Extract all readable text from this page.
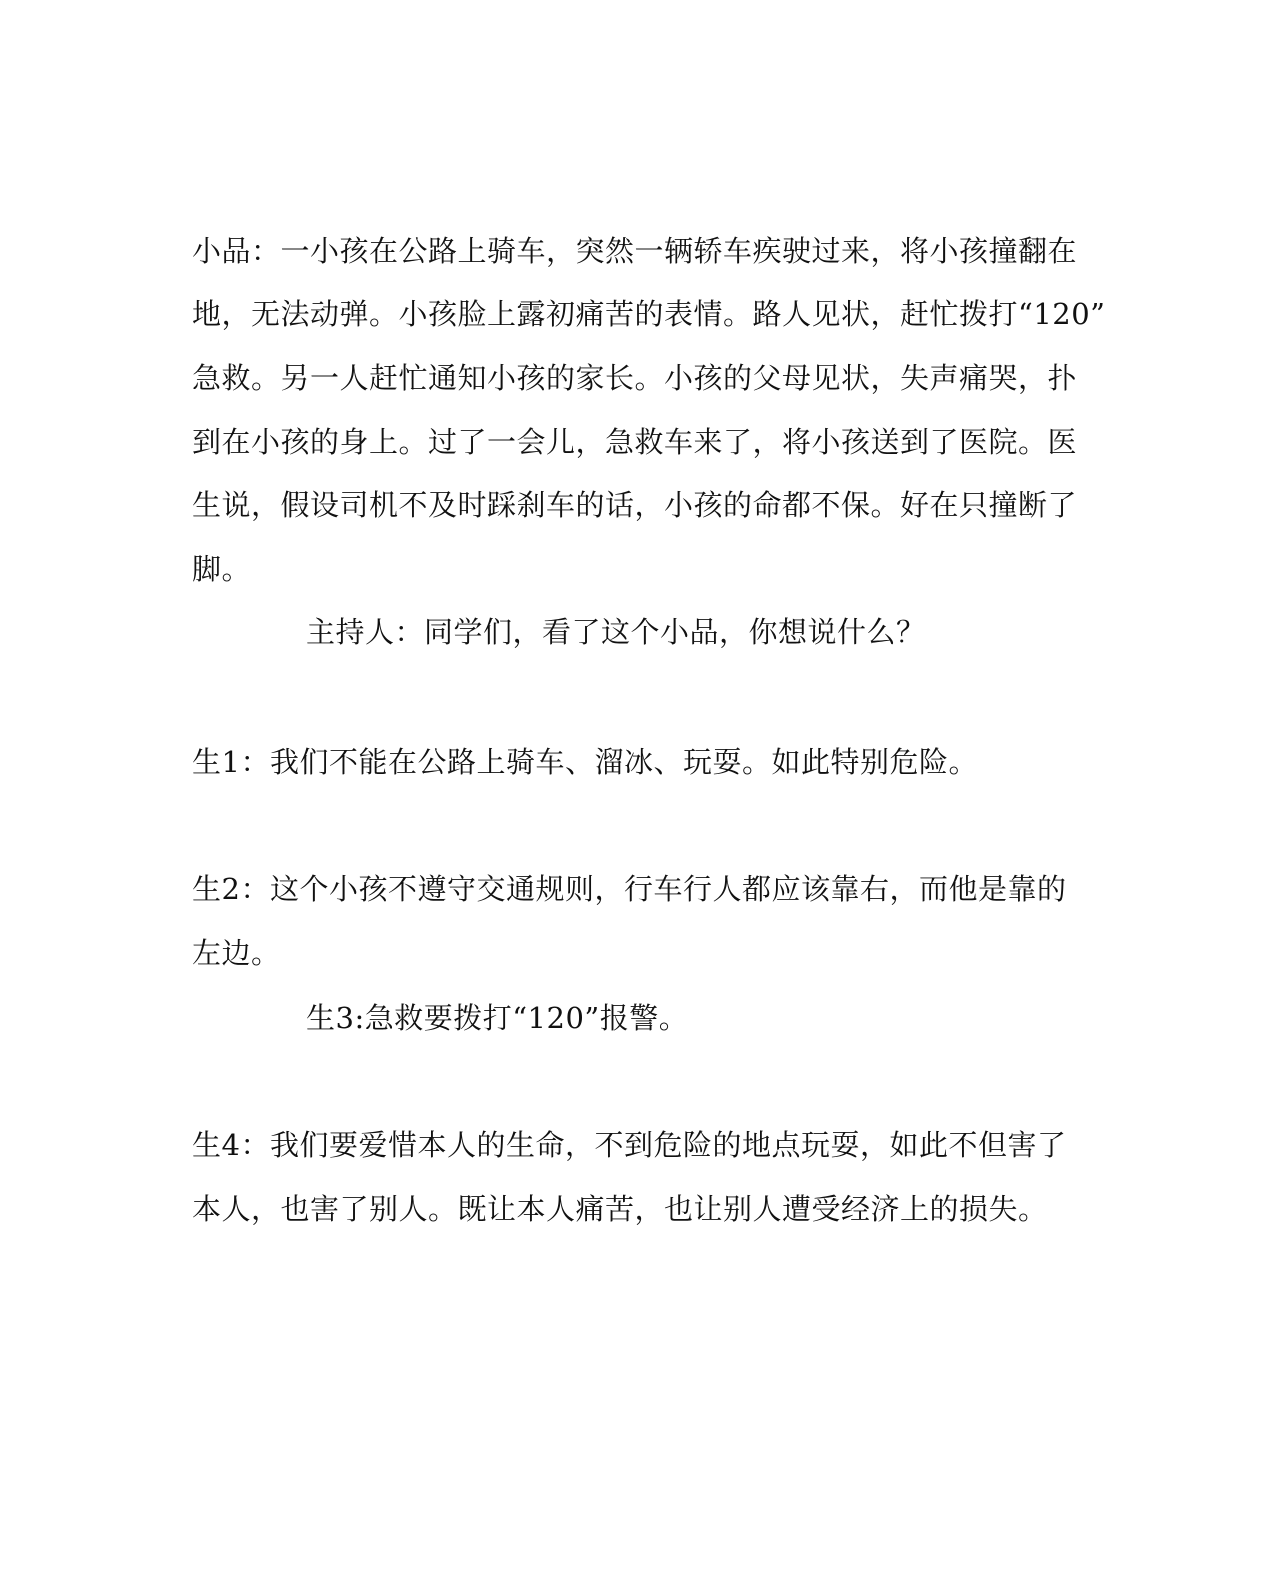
小品：一小孩在公路上骑车，突然一辆轿车疾驶过来，将小孩撞翻在
地，无法动弹。小孩脸上露初痛苦的表情。路人见状，赶忙拨打“120”
急救。另一人赶忙通知小孩的家长。小孩的父母见状，失声痛哭，扑
到在小孩的身上。过了一会儿，急救车来了，将小孩送到了医院。医
生说，假设司机不及时踩刹车的话，小孩的命都不保。好在只撞断了
脚。
主持人：同学们，看了这个小品，你想说什么？
生1：我们不能在公路上骑车、溜冰、玩耍。如此特别危险。
生2：这个小孩不遵守交通规则，行车行人都应该靠右，而他是靠的
左边。
生3:急救要拨打“120”报警。
生4：我们要爱惜本人的生命，不到危险的地点玩耍，如此不但害了
本人，也害了别人。既让本人痛苦，也让别人遭受经济上的损失。
